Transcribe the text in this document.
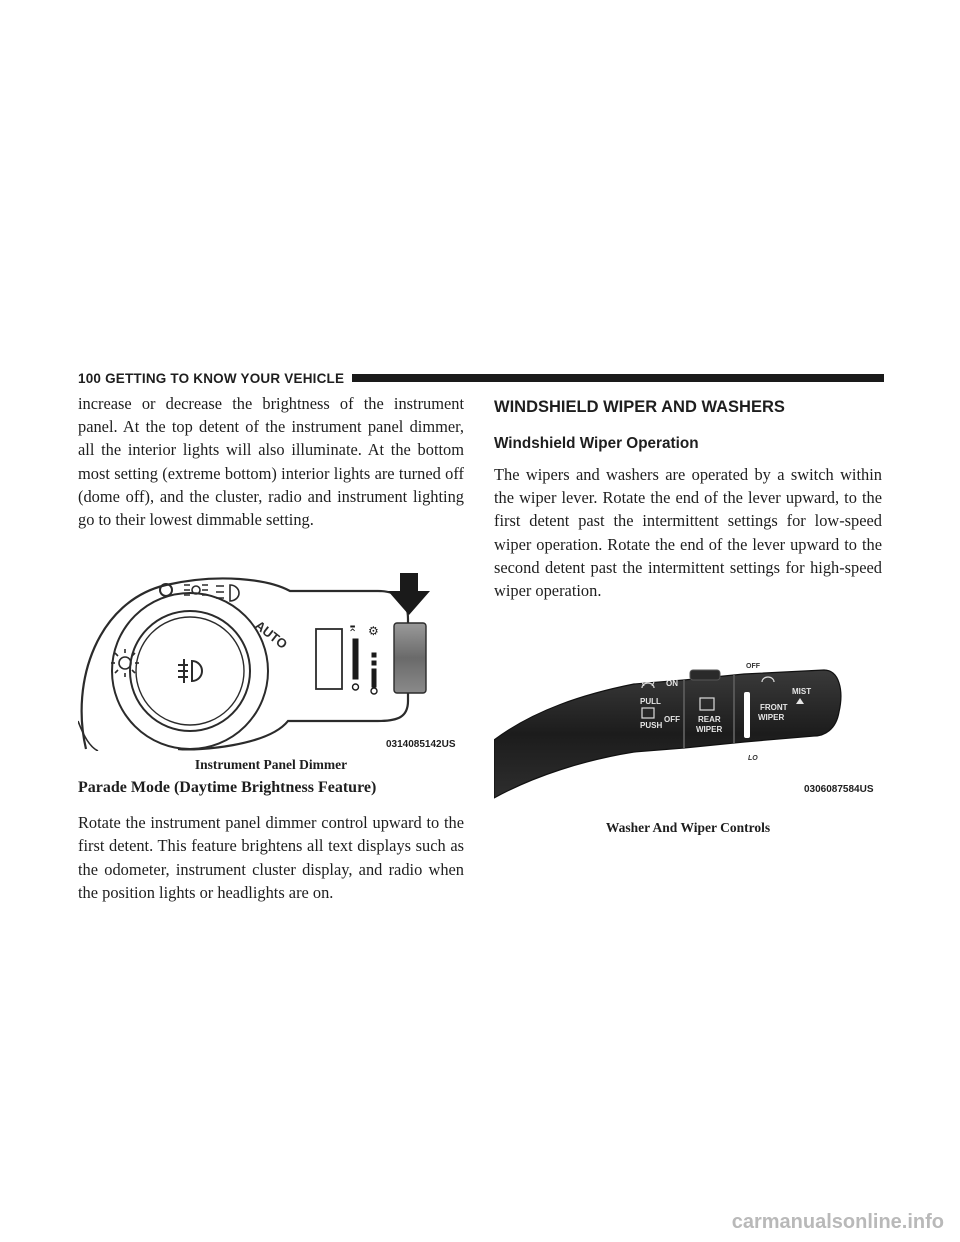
100 GETTING TO KNOW YOUR VEHICLE

increase or decrease the brightness of the instrument panel. At the top detent of the instrument panel dimmer, all the interior lights will also illuminate. At the bottom most setting (extreme bottom) interior lights are turned off (dome off), and the cluster, radio and instrument lighting go to their lowest dimmable setting.

AUTO	⌆ ⚙
0314085142US
Instrument Panel Dimmer
Parade Mode (Daytime Brightness Feature)

Rotate the instrument panel dimmer control upward to the first detent. This feature brightens all text displays such as the odometer, instrument cluster display, and radio when the position lights or headlights are on.

WINDSHIELD WIPER AND WASHERS
Windshield Wiper Operation

The wipers and washers are operated by a switch within the wiper lever. Rotate the end of the lever upward, to the first detent past the intermittent settings for low-speed wiper operation. Rotate the end of the lever upward to the second detent past the intermittent settings for high-speed wiper operation.

PULL
PUSH
ON
OFF REAR
WIPER
OFF
FRONT
WIPER
MIST
LO
0306087584US
Washer And Wiper Controls
carmanualsonline.info
